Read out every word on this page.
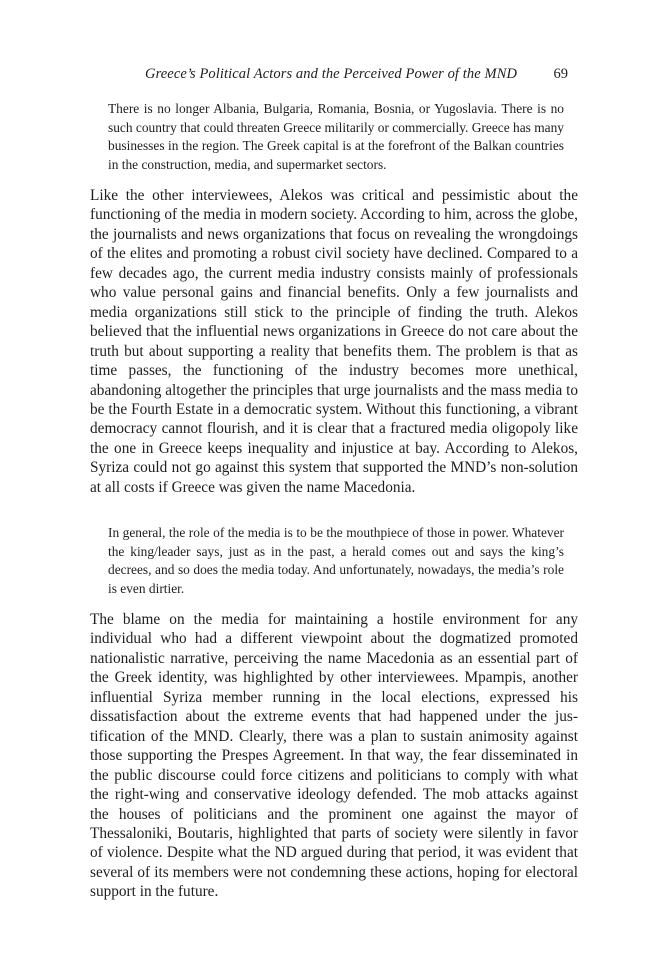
Greece’s Political Actors and the Perceived Power of the MND	69

There is no longer Albania, Bulgaria, Romania, Bosnia, or Yugoslavia. There is no such country that could threaten Greece militarily or commercially. Greece has many businesses in the region. The Greek capital is at the forefront of the Balkan countries in the construction, media, and supermarket sectors.

Like the other interviewees, Alekos was critical and pessimistic about the functioning of the media in modern society. According to him, across the globe, the journalists and news organizations that focus on revealing the wrongdoings of the elites and promoting a robust civil society have declined. Compared to a few decades ago, the current media industry consists mainly of professionals who value personal gains and financial benefits. Only a few journalists and media organizations still stick to the principle of finding the truth. Alekos believed that the influential news organizations in Greece do not care about the truth but about supporting a reality that benefits them. The problem is that as time passes, the functioning of the industry becomes more unethical, abandoning altogether the principles that urge journalists and the mass media to be the Fourth Estate in a democratic system. Without this functioning, a vibrant democracy cannot flourish, and it is clear that a fractured media oligopoly like the one in Greece keeps inequality and injustice at bay. According to Alekos, Syriza could not go against this system that supported the MND’s non-solution at all costs if Greece was given the name Macedonia.

In general, the role of the media is to be the mouthpiece of those in power. Whatever the king/leader says, just as in the past, a herald comes out and says the king’s decrees, and so does the media today. And unfortunately, nowadays, the media’s role is even dirtier.

The blame on the media for maintaining a hostile environment for any individual who had a different viewpoint about the dogmatized promoted nationalistic narrative, perceiving the name Macedonia as an essential part of the Greek identity, was highlighted by other interviewees. Mpampis, another influential Syriza member running in the local elections, expressed his dissatisfaction about the extreme events that had happened under the justification of the MND. Clearly, there was a plan to sustain animosity against those supporting the Prespes Agreement. In that way, the fear disseminated in the public discourse could force citizens and politicians to comply with what the right-wing and conservative ideology defended. The mob attacks against the houses of politicians and the prominent one against the mayor of Thessaloniki, Boutaris, highlighted that parts of society were silently in favor of violence. Despite what the ND argued during that period, it was evident that several of its members were not condemning these actions, hoping for electoral support in the future.
